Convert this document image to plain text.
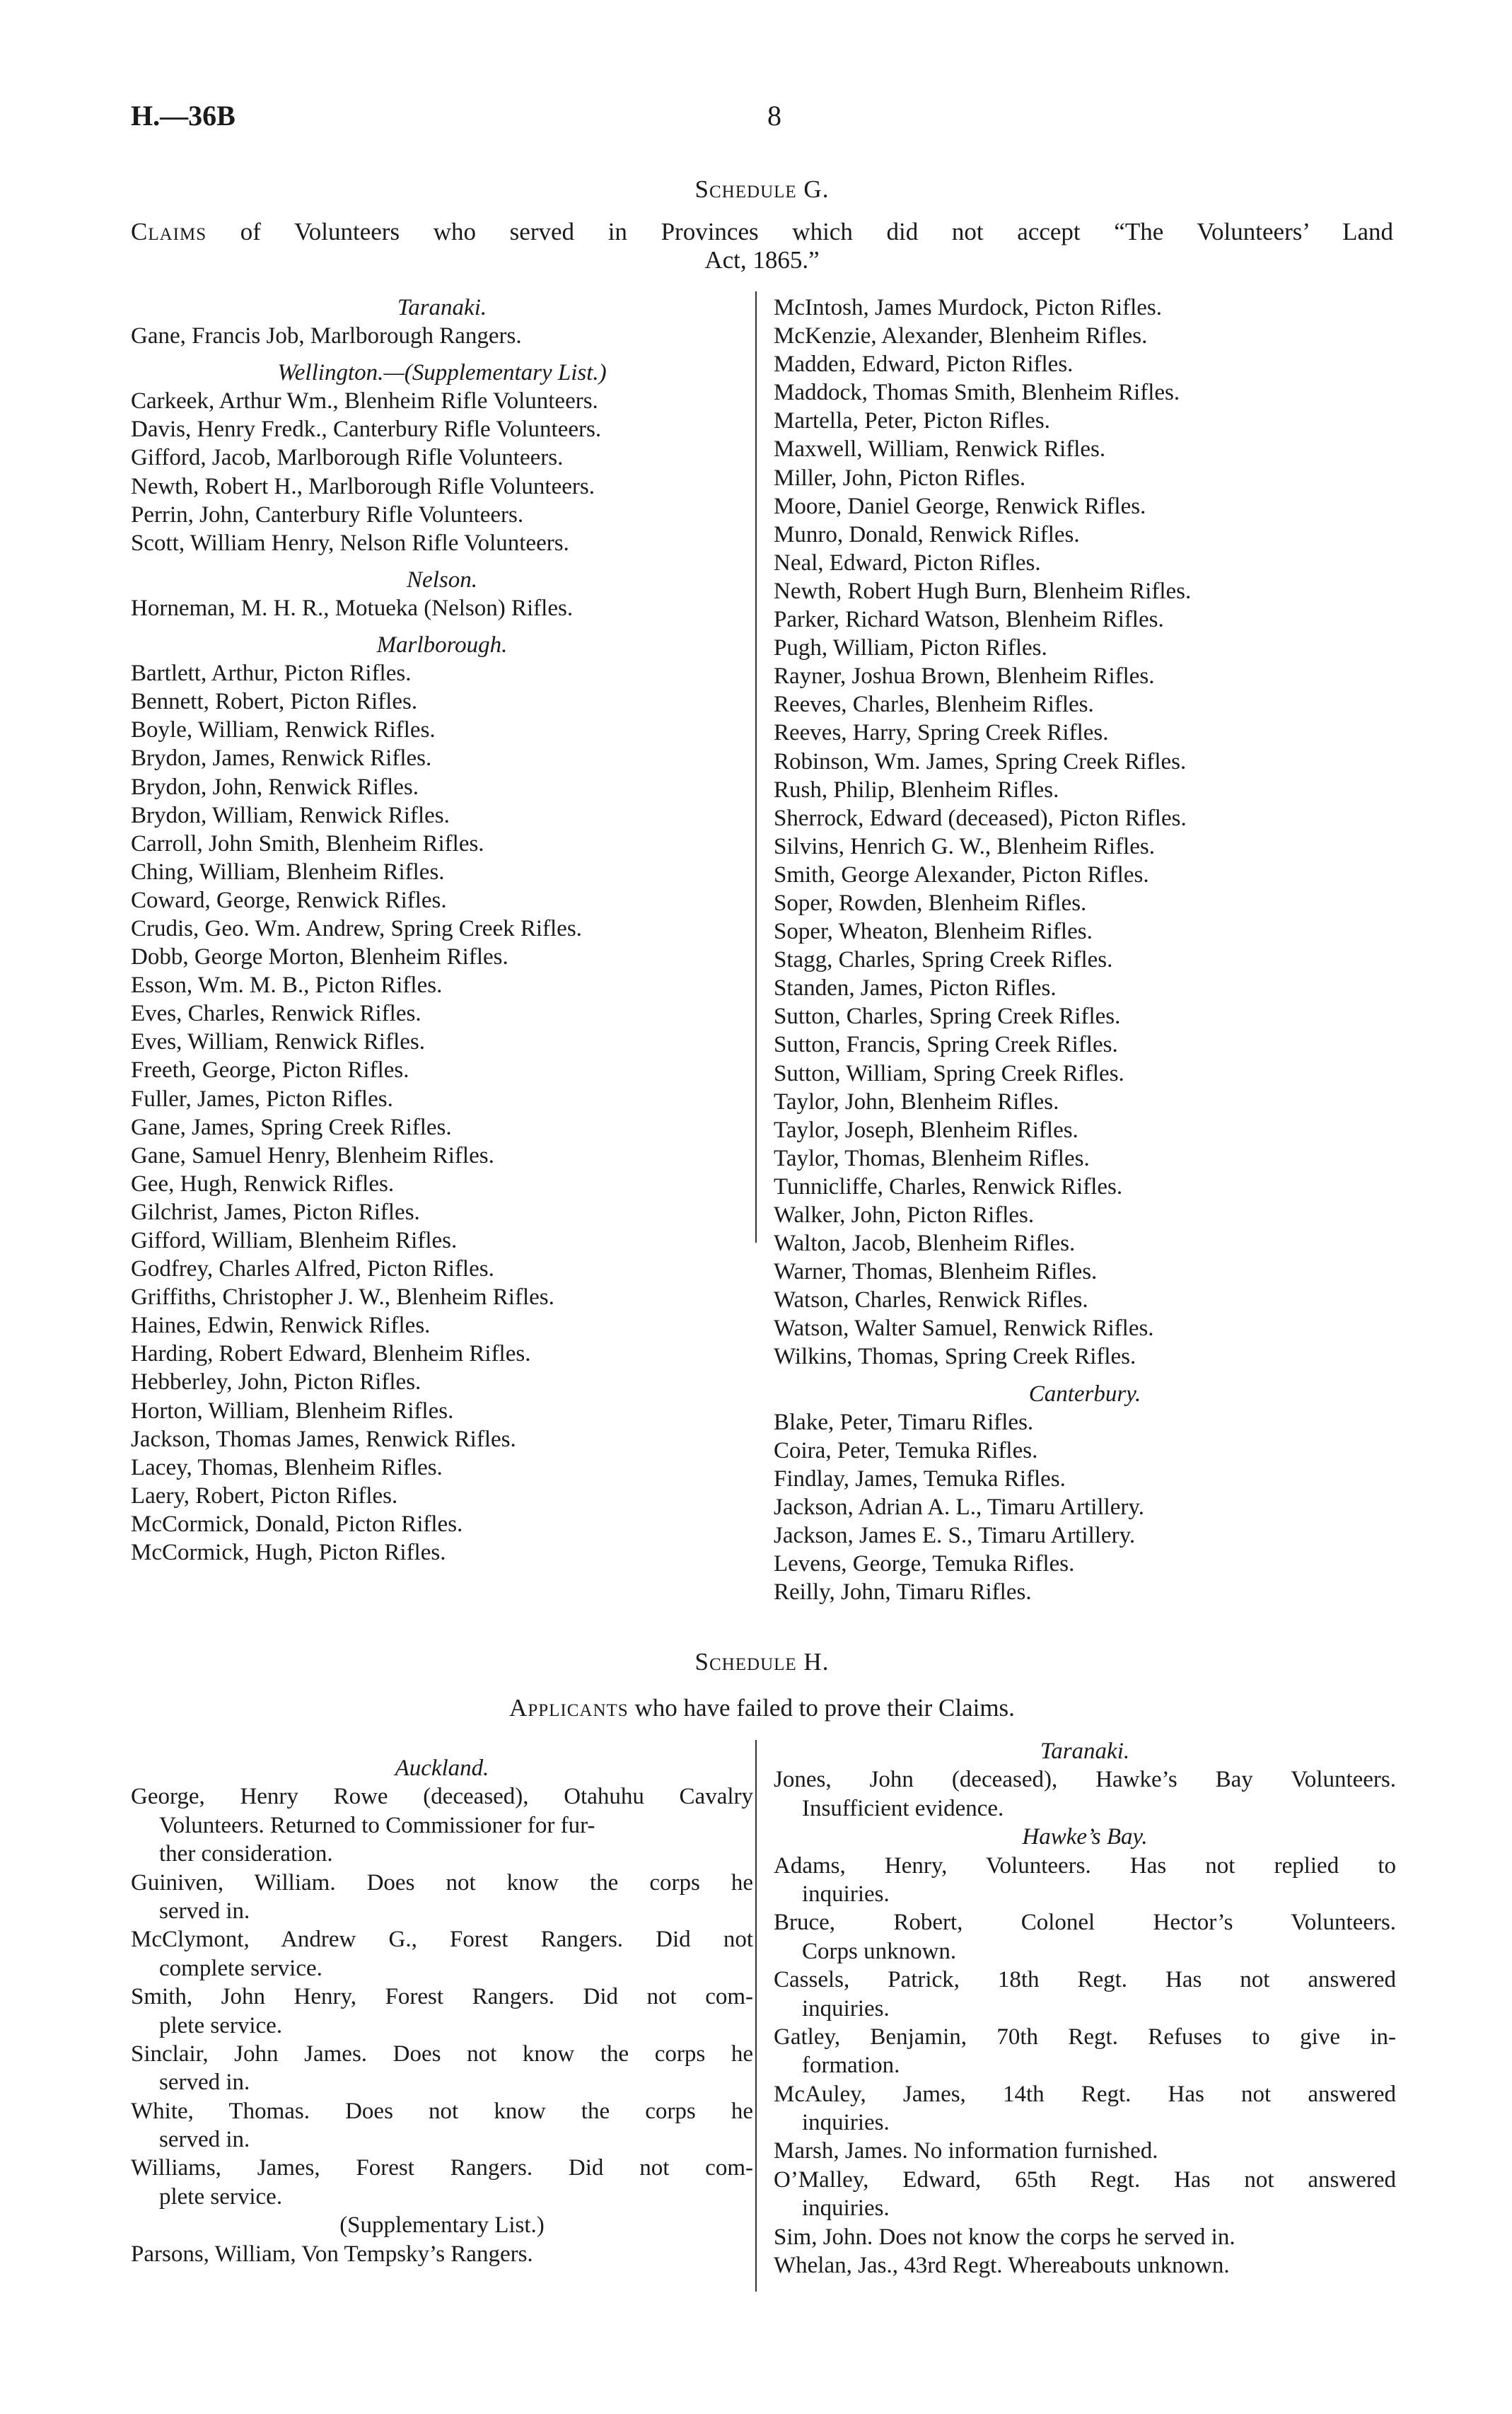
H.—36B	8
Schedule G.
Claims of Volunteers who served in Provinces which did not accept “The Volunteers’ Land
Act, 1865.”
Taranaki.
Gane, Francis Job, Marlborough Rangers.
Wellington.—(Supplementary List.)
Carkeek, Arthur Wm., Blenheim Rifle Volunteers.
Davis, Henry Fredk., Canterbury Rifle Volunteers.
Gifford, Jacob, Marlborough Rifle Volunteers.
Newth, Robert H., Marlborough Rifle Volunteers.
Perrin, John, Canterbury Rifle Volunteers.
Scott, William Henry, Nelson Rifle Volunteers.
Nelson.
Horneman, M. H. R., Motueka (Nelson) Rifles.
Marlborough.
Bartlett, Arthur, Picton Rifles.
Bennett, Robert, Picton Rifles.
Boyle, William, Renwick Rifles.
Brydon, James, Renwick Rifles.
Brydon, John, Renwick Rifles.
Brydon, William, Renwick Rifles.
Carroll, John Smith, Blenheim Rifles.
Ching, William, Blenheim Rifles.
Coward, George, Renwick Rifles.
Crudis, Geo. Wm. Andrew, Spring Creek Rifles.
Dobb, George Morton, Blenheim Rifles.
Esson, Wm. M. B., Picton Rifles.
Eves, Charles, Renwick Rifles.
Eves, William, Renwick Rifles.
Freeth, George, Picton Rifles.
Fuller, James, Picton Rifles.
Gane, James, Spring Creek Rifles.
Gane, Samuel Henry, Blenheim Rifles.
Gee, Hugh, Renwick Rifles.
Gilchrist, James, Picton Rifles.
Gifford, William, Blenheim Rifles.
Godfrey, Charles Alfred, Picton Rifles.
Griffiths, Christopher J. W., Blenheim Rifles.
Haines, Edwin, Renwick Rifles.
Harding, Robert Edward, Blenheim Rifles.
Hebberley, John, Picton Rifles.
Horton, William, Blenheim Rifles.
Jackson, Thomas James, Renwick Rifles.
Lacey, Thomas, Blenheim Rifles.
Laery, Robert, Picton Rifles.
McCormick, Donald, Picton Rifles.
McCormick, Hugh, Picton Rifles.
McIntosh, James Murdock, Picton Rifles.
McKenzie, Alexander, Blenheim Rifles.
Madden, Edward, Picton Rifles.
Maddock, Thomas Smith, Blenheim Rifles.
Martella, Peter, Picton Rifles.
Maxwell, William, Renwick Rifles.
Miller, John, Picton Rifles.
Moore, Daniel George, Renwick Rifles.
Munro, Donald, Renwick Rifles.
Neal, Edward, Picton Rifles.
Newth, Robert Hugh Burn, Blenheim Rifles.
Parker, Richard Watson, Blenheim Rifles.
Pugh, William, Picton Rifles.
Rayner, Joshua Brown, Blenheim Rifles.
Reeves, Charles, Blenheim Rifles.
Reeves, Harry, Spring Creek Rifles.
Robinson, Wm. James, Spring Creek Rifles.
Rush, Philip, Blenheim Rifles.
Sherrock, Edward (deceased), Picton Rifles.
Silvins, Henrich G. W., Blenheim Rifles.
Smith, George Alexander, Picton Rifles.
Soper, Rowden, Blenheim Rifles.
Soper, Wheaton, Blenheim Rifles.
Stagg, Charles, Spring Creek Rifles.
Standen, James, Picton Rifles.
Sutton, Charles, Spring Creek Rifles.
Sutton, Francis, Spring Creek Rifles.
Sutton, William, Spring Creek Rifles.
Taylor, John, Blenheim Rifles.
Taylor, Joseph, Blenheim Rifles.
Taylor, Thomas, Blenheim Rifles.
Tunnicliffe, Charles, Renwick Rifles.
Walker, John, Picton Rifles.
Walton, Jacob, Blenheim Rifles.
Warner, Thomas, Blenheim Rifles.
Watson, Charles, Renwick Rifles.
Watson, Walter Samuel, Renwick Rifles.
Wilkins, Thomas, Spring Creek Rifles.
Canterbury.
Blake, Peter, Timaru Rifles.
Coira, Peter, Temuka Rifles.
Findlay, James, Temuka Rifles.
Jackson, Adrian A. L., Timaru Artillery.
Jackson, James E. S., Timaru Artillery.
Levens, George, Temuka Rifles.
Reilly, John, Timaru Rifles.
Schedule H.
Applicants who have failed to prove their Claims.
Auckland.
George, Henry Rowe (deceased), Otahuhu Cavalry
Volunteers. Returned to Commissioner for fur-
ther consideration.
Guiniven, William. Does not know the corps he
served in.
McClymont, Andrew G., Forest Rangers. Did not
complete service.
Smith, John Henry, Forest Rangers. Did not com-
plete service.
Sinclair, John James. Does not know the corps he
served in.
White, Thomas. Does not know the corps he
served in.
Williams, James, Forest Rangers. Did not com-
plete service.
(Supplementary List.)
Parsons, William, Von Tempsky’s Rangers.
Taranaki.
Jones, John (deceased), Hawke’s Bay Volunteers.
Insufficient evidence.
Hawke’s Bay.
Adams, Henry, Volunteers. Has not replied to
inquiries.
Bruce, Robert, Colonel Hector’s Volunteers.
Corps unknown.
Cassels, Patrick, 18th Regt. Has not answered
inquiries.
Gatley, Benjamin, 70th Regt. Refuses to give in-
formation.
McAuley, James, 14th Regt. Has not answered
inquiries.
Marsh, James. No information furnished.
O’Malley, Edward, 65th Regt. Has not answered
inquiries.
Sim, John. Does not know the corps he served in.
Whelan, Jas., 43rd Regt. Whereabouts unknown.
